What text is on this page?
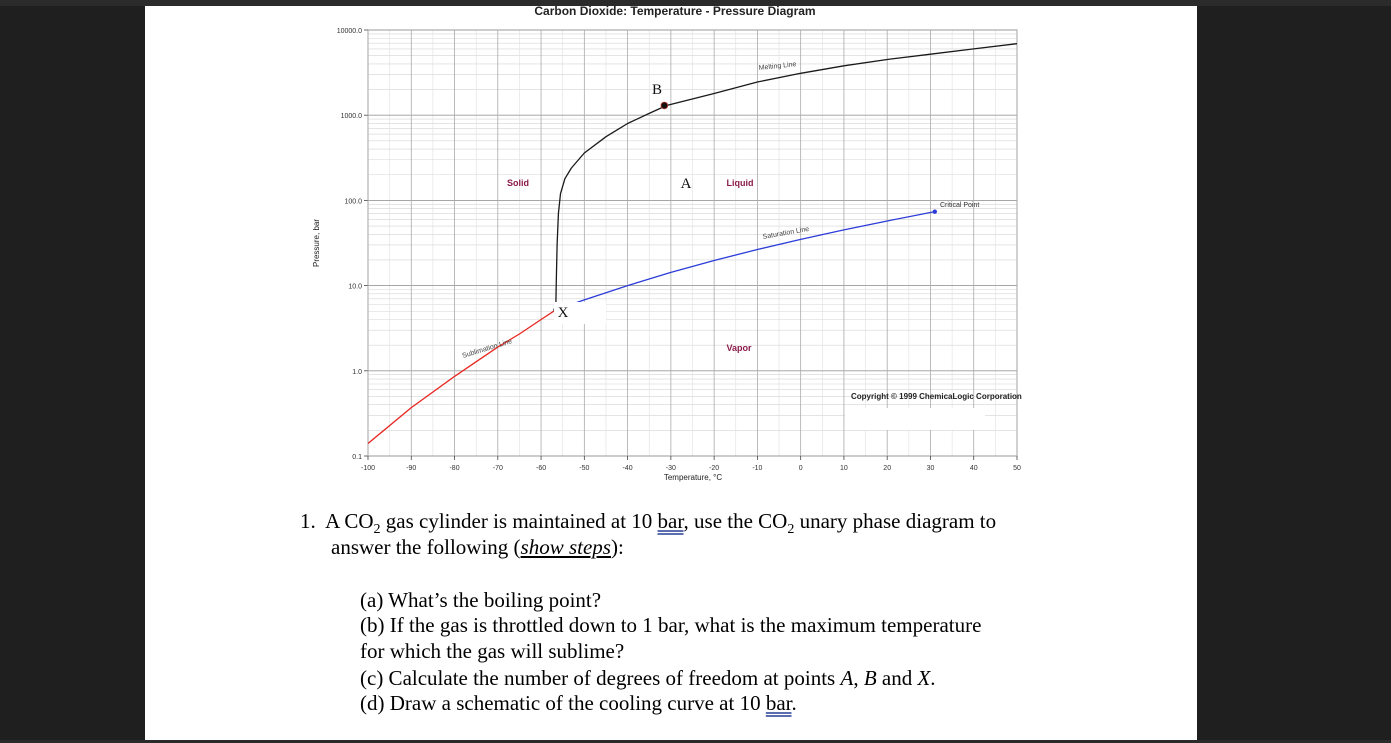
0.1
1.0
10.0
100.0
1000.0
10000.0
-100	-90	-80	-70	-60	-50	-40	-30	-20	-10	0	10	20	30	40	50
Carbon Dioxide: Temperature - Pressure Diagram
Temperature, °C
Pressure, bar
Solid	Liquid
Vapor
Sublimation Line
Saturation Line
Melting Line
B
A
Critical Point
Copyright © 1999 ChemicaLogic Corporation
X
1. A $CO_2$ gas cylinder is maintained at 10 bar, use the $CO_2$ unary phase diagram to
answer the following (show steps):
(a) What’s the boiling point?
(b) If the gas is throttled down to 1 bar, what is the maximum temperature
for which the gas will sublime?
(c) Calculate the number of degrees of freedom at points A, B and X.
(d) Draw a schematic of the cooling curve at 10 bar.
